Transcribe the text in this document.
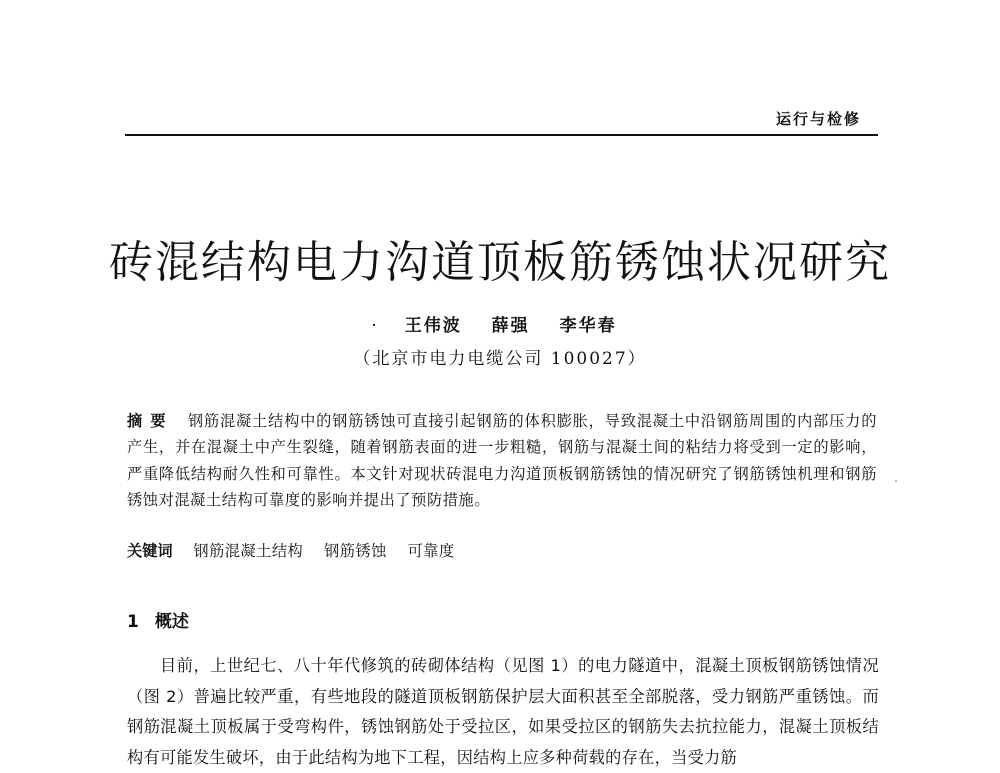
运行与检修
砖混结构电力沟道顶板筋锈蚀状况研究
· 王伟波 薛强 李华春
（北京市电力电缆公司 100027）
摘要 钢筋混凝土结构中的钢筋锈蚀可直接引起钢筋的体积膨胀，导致混凝土中沿钢筋周围的内部压力的产生，并在混凝土中产生裂缝，随着钢筋表面的进一步粗糙，钢筋与混凝土间的粘结力将受到一定的影响，严重降低结构耐久性和可靠性。本文针对现状砖混电力沟道顶板钢筋锈蚀的情况研究了钢筋锈蚀机理和钢筋锈蚀对混凝土结构可靠度的影响并提出了预防措施。
关键词 钢筋混凝土结构 钢筋锈蚀 可靠度
1 概述

目前，上世纪七、八十年代修筑的砖砌体结构（见图 1）的电力隧道中，混凝土顶板钢筋锈蚀情况（图 2）普遍比较严重，有些地段的隧道顶板钢筋保护层大面积甚至全部脱落，受力钢筋严重锈蚀。而钢筋混凝土顶板属于受弯构件，锈蚀钢筋处于受拉区，如果受拉区的钢筋失去抗拉能力，混凝土顶板结构有可能发生破坏，由于此结构为地下工程，因结构上应多种荷载的存在，当受力筋
